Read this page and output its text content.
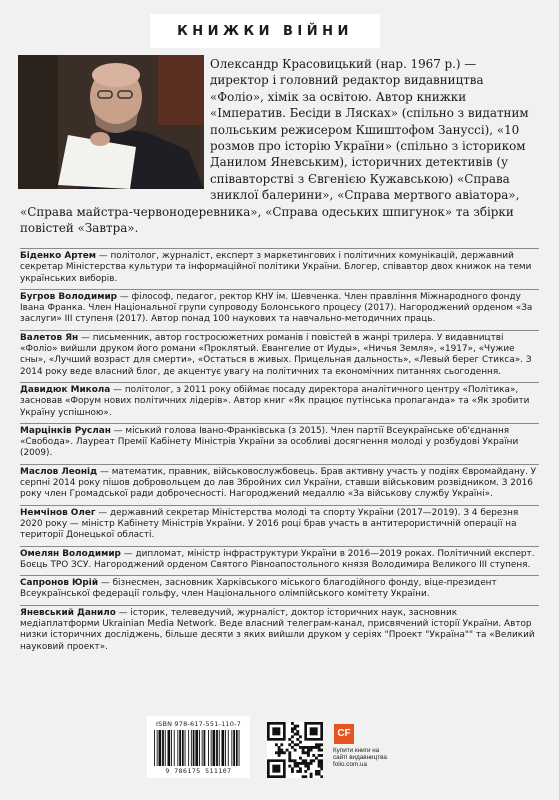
КНИЖКИ ВІЙНИ

Олександр Красовицький (нар. 1967 р.) — директор і головний редактор видавництва «Фоліо», хімік за освітою. Автор книжки «Імператив. Бесіди в Лясках» (спільно з видатним польським режисером Кшиштофом Занусcі), «10 розмов про історію України» (спільно з істориком Данилом Яневським), історичних детективів (у співавторстві з Євгенією Кужавською) «Справа зниклої балерини», «Справа мертвого авіатора», «Справа майстра-червонодеревника», «Справа одеських шпигунок» та збірки повістей «Завтра».

Біденко Артем — політолог, журналіст, експерт з маркетингових і політичних комунікацій, державний секретар Міністерства культури та інформаційної політики України. Блогер, співавтор двох книжок на теми українських виборів.
Бугров Володимир — філософ, педагог, ректор КНУ ім. Шевченка. Член правління Міжнародного фонду Івана Франка. Член Національної групи супроводу Болонського процесу (2017). Нагороджений орденом «За заслуги» III ступеня (2017). Автор понад 100 наукових та навчально-методичних праць.
Валетов Ян — письменник, автор гостросюжетних романів і повістей в жанрі трилера. У видавництві «Фоліо» вийшли друком його романи «Проклятый. Евангелие от Иуды», «Ничья Земля», «1917», «Чужие сны», «Лучший возраст для смерти», «Остаться в живых. Прицельная дальность», «Левый берег Стикса». З 2014 року веде власний блог, де акцентує увагу на політичних та економічних питаннях сьогодення.
Давидюк Микола — політолог, з 2011 року обіймає посаду директора аналітичного центру «Політика», засновав «Форум нових політичних лідерів». Автор книг «Як працює путінська пропаганда» та «Як зробити Україну успішною».
Марцінків Руслан — міський голова Івано-Франківська (з 2015). Член партії Всеукраїнське об'єднання «Свобода». Лауреат Премії Кабінету Міністрів України за особливі досягнення молоді у розбудові України (2009).
Маслов Леонід — математик, правник, військовослужбовець. Брав активну участь у подіях Євромайдану. У серпні 2014 року пішов добровольцем до лав Збройних сил України, ставши військовим розвідником. З 2016 року член Громадської ради доброчесності. Нагороджений медаллю «За військову службу Україні».
Немчінов Олег — державний секретар Міністерства молоді та спорту України (2017—2019). З 4 березня 2020 року — міністр Кабінету Міністрів України. У 2016 році брав участь в антитерористичній операції на території Донецької області.
Омелян Володимир — дипломат, міністр інфраструктури України в 2016—2019 роках. Політичний експерт. Боєць ТРО ЗСУ. Нагороджений орденом Святого Рівноапостольного князя Володимира Великого III ступеня.
Сапронов Юрій — бізнесмен, засновник Харківського міського благодійного фонду, віце-президент Всеукраїнської федерації гольфу, член Національного олімпійського комітету України.
Яневський Данило — історик, телеведучий, журналіст, доктор історичних наук, засновник медіаплатформи Ukrainian Media Network. Веде власний телеграм-канал, присвячений історії України. Автор низки історичних досліджень, більше десяти з яких вийшли друком у серіях "Проект "Україна"" та «Великий науковий проект».
ISBN 978-617-551-110-7
9 786175 511107
CF
Купити книги на сайті видавництва folio.com.ua
